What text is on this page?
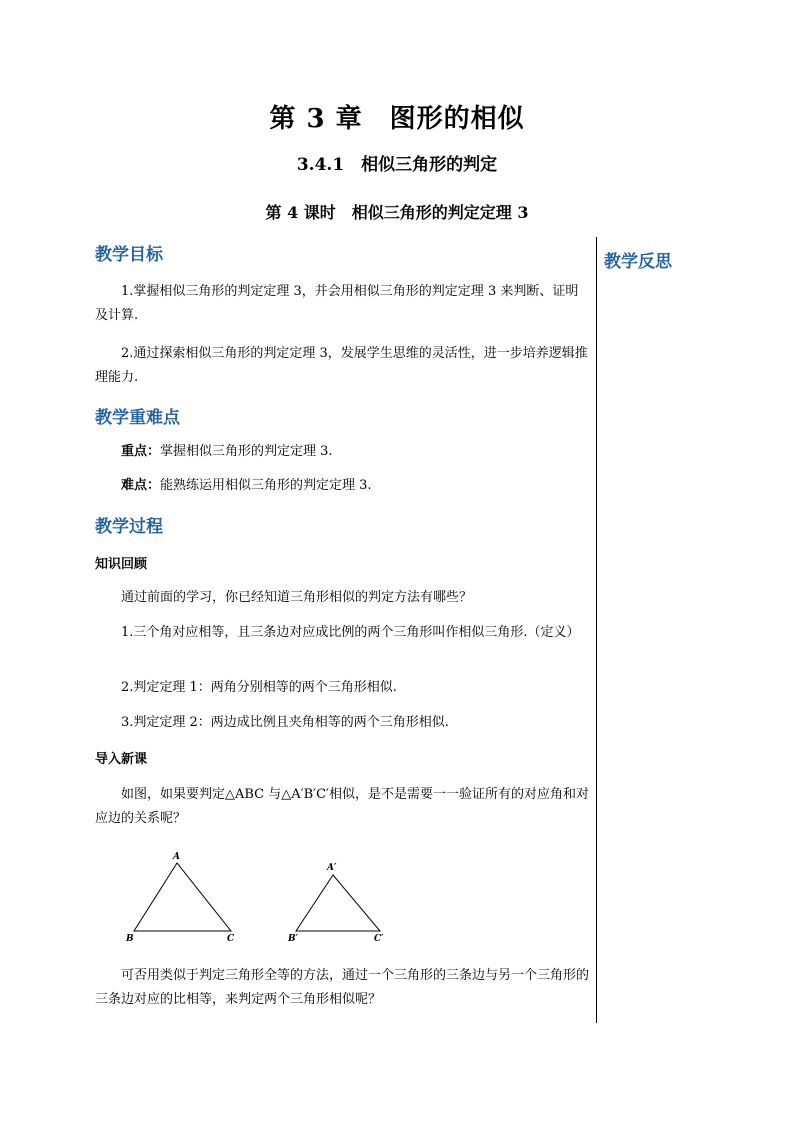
第 3 章　图形的相似
3.4.1　相似三角形的判定
第 4 课时　相似三角形的判定定理 3
教学反思
教学目标
1.掌握相似三角形的判定定理 3，并会用相似三角形的判定定理 3 来判断、证明及计算.
2.通过探索相似三角形的判定定理 3，发展学生思维的灵活性，进一步培养逻辑推理能力.
教学重难点
重点：掌握相似三角形的判定定理 3.
难点：能熟练运用相似三角形的判定定理 3.
教学过程
知识回顾
通过前面的学习，你已经知道三角形相似的判定方法有哪些？
1.三个角对应相等，且三条边对应成比例的两个三角形叫作相似三角形.（定义）
2.判定定理 1：两角分别相等的两个三角形相似.
3.判定定理 2：两边成比例且夹角相等的两个三角形相似.
导入新课
如图，如果要判定△ABC 与△A′B′C′相似，是不是需要一一验证所有的对应角和对应边的关系呢？
A
B	C
A′
B′	C′
可否用类似于判定三角形全等的方法，通过一个三角形的三条边与另一个三角形的三条边对应的比相等，来判定两个三角形相似呢？
